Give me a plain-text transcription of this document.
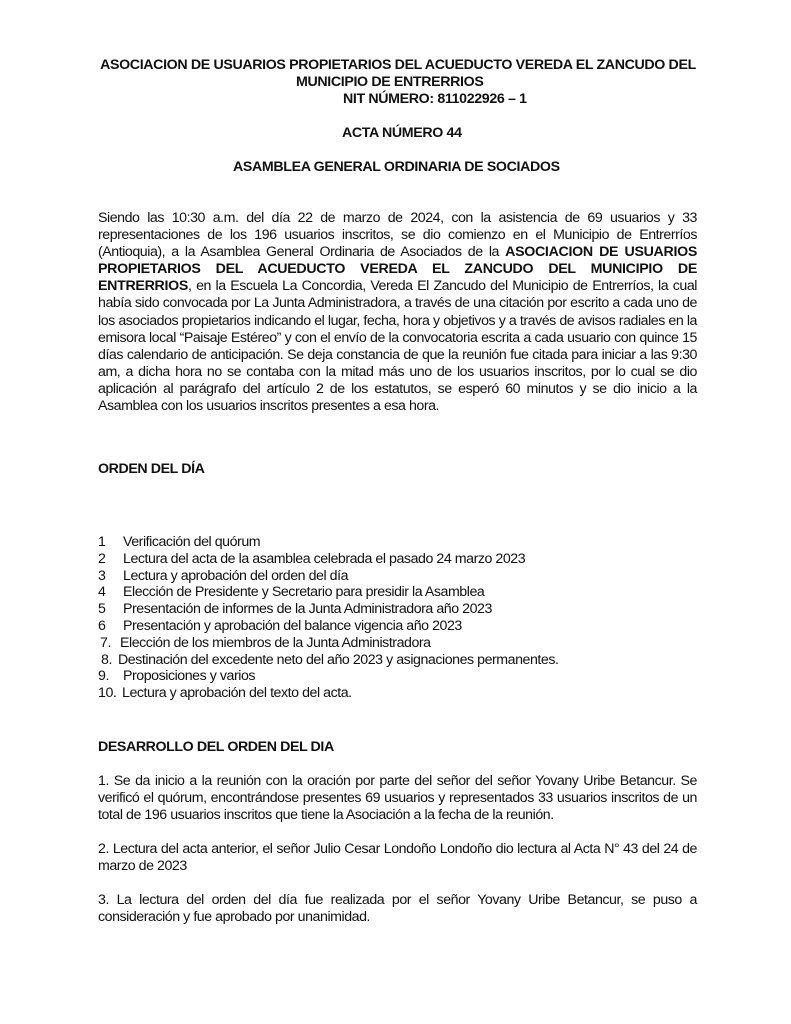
ASOCIACION DE USUARIOS PROPIETARIOS DEL ACUEDUCTO VEREDA EL ZANCUDO DEL
MUNICIPIO DE ENTRERRIOS
NIT NÚMERO: 811022926 – 1
ACTA NÚMERO 44
ASAMBLEA GENERAL ORDINARIA DE SOCIADOS
Siendo las 10:30 a.m. del día 22 de marzo de 2024, con la asistencia de 69 usuarios y 33 representaciones de los 196 usuarios inscritos, se dio comienzo en el Municipio de Entrerríos (Antioquia), a la Asamblea General Ordinaria de Asociados de la ASOCIACION DE USUARIOS PROPIETARIOS DEL ACUEDUCTO VEREDA EL ZANCUDO DEL MUNICIPIO DE ENTRERRIOS, en la Escuela La Concordia, Vereda El Zancudo del Municipio de Entrerríos, la cual había sido convocada por La Junta Administradora, a través de una citación por escrito a cada uno de los asociados propietarios indicando el lugar, fecha, hora y objetivos y a través de avisos radiales en la emisora local “Paisaje Estéreo” y con el envío de la convocatoria escrita a cada usuario con quince 15 días calendario de anticipación. Se deja constancia de que la reunión fue citada para iniciar a las 9:30 am, a dicha hora no se contaba con la mitad más uno de los usuarios inscritos, por lo cual se dio aplicación al parágrafo del artículo 2 de los estatutos, se esperó 60 minutos y se dio inicio a la Asamblea con los usuarios inscritos presentes a esa hora.
ORDEN DEL DÍA
1 Verificación del quórum
2 Lectura del acta de la asamblea celebrada el pasado 24 marzo 2023
3 Lectura y aprobación del orden del día
4 Elección de Presidente y Secretario para presidir la Asamblea
5 Presentación de informes de la Junta Administradora año 2023
6 Presentación y aprobación del balance vigencia año 2023
7. Elección de los miembros de la Junta Administradora
8. Destinación del excedente neto del año 2023 y asignaciones permanentes.
9. Proposiciones y varios
10. Lectura y aprobación del texto del acta.
DESARROLLO DEL ORDEN DEL DIA
1. Se da inicio a la reunión con la oración por parte del señor del señor Yovany Uribe Betancur. Se verificó el quórum, encontrándose presentes 69 usuarios y representados 33 usuarios inscritos de un total de 196 usuarios inscritos que tiene la Asociación a la fecha de la reunión.
2. Lectura del acta anterior, el señor Julio Cesar Londoño Londoño dio lectura al Acta N° 43 del 24 de marzo de 2023
3. La lectura del orden del día fue realizada por el señor Yovany Uribe Betancur, se puso a consideración y fue aprobado por unanimidad.
